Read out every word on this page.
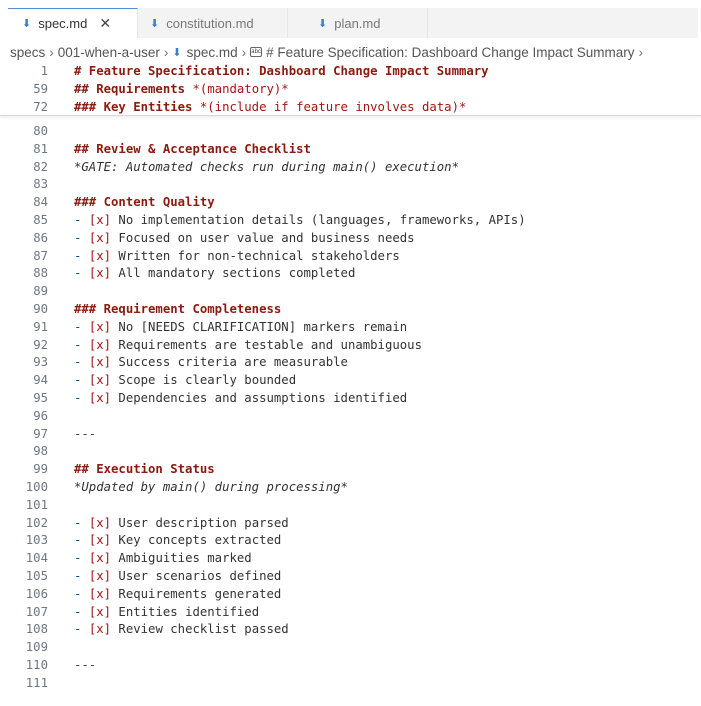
⬇ spec.md ✕	⬇ constitution.md	⬇ plan.md
specs › 001-when-a-user › ⬇ spec.md › abc # Feature Specification: Dashboard Change Impact Summary ›
80
81 ## Review & Acceptance Checklist
82 *GATE: Automated checks run during main() execution*
83
84 ### Content Quality
85 - [x] No implementation details (languages, frameworks, APIs)
86 - [x] Focused on user value and business needs
87 - [x] Written for non-technical stakeholders
88 - [x] All mandatory sections completed
89
90 ### Requirement Completeness
91 - [x] No [NEEDS CLARIFICATION] markers remain
92 - [x] Requirements are testable and unambiguous
93 - [x] Success criteria are measurable
94 - [x] Scope is clearly bounded
95 - [x] Dependencies and assumptions identified
96
97 ---
98
99 ## Execution Status
100 *Updated by main() during processing*
101
102 - [x] User description parsed
103 - [x] Key concepts extracted
104 - [x] Ambiguities marked
105 - [x] User scenarios defined
106 - [x] Requirements generated
107 - [x] Entities identified
108 - [x] Review checklist passed
109
110 ---
111
1 # Feature Specification: Dashboard Change Impact Summary
59 ## Requirements *(mandatory)*
72 ### Key Entities *(include if feature involves data)*
